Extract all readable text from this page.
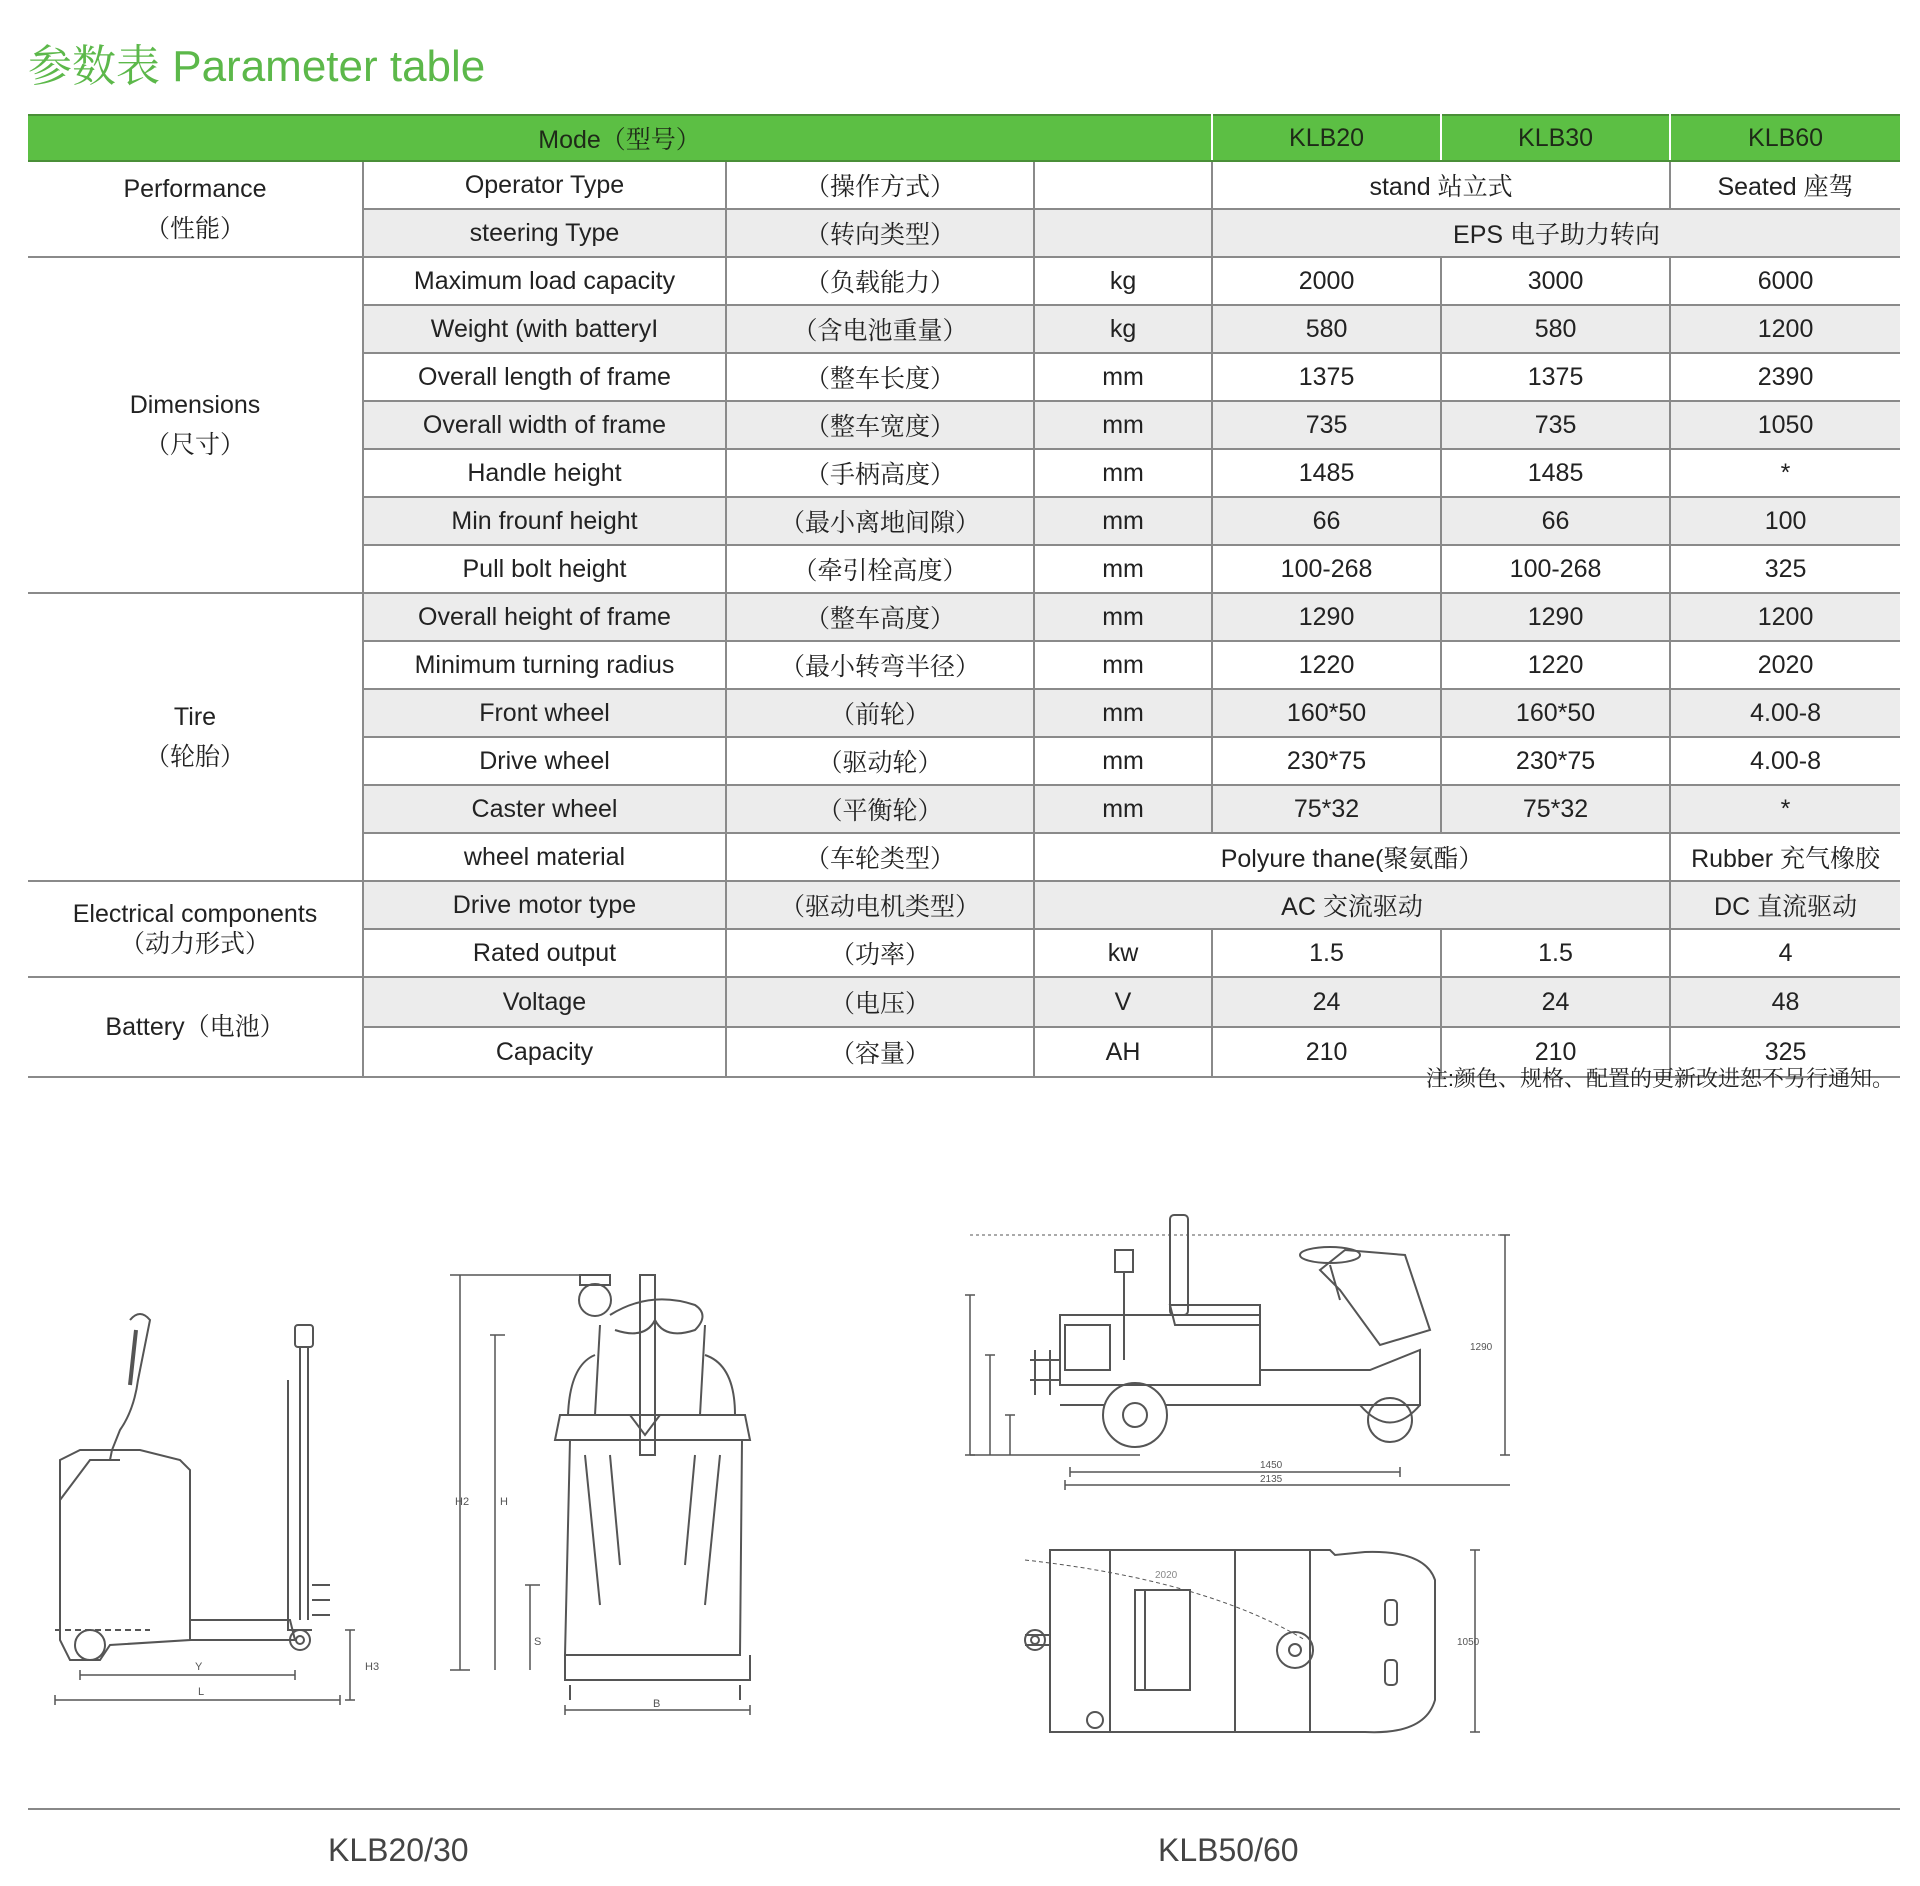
参数表 Parameter table
Mode（型号）				KLB20	KLB30	KLB60

Performance
（性能）	Operator Type	（操作方式）		stand 站立式		Seated 座驾
	steering Type	（转向类型）		EPS 电子助力转向		

Dimensions
（尺寸）	Maximum load capacity	（负载能力）	kg	2000	3000	6000
	Weight (with batteryI	（含电池重量）	kg	580	580	1200
	Overall length of frame	（整车长度）	mm	1375	1375	2390
	Overall width of frame	（整车宽度）	mm	735	735	1050
	Handle height	（手柄高度）	mm	1485	1485	*
	Min frounf height	（最小离地间隙）	mm	66	66	100
	Pull bolt height	（牵引栓高度）	mm	100-268	100-268	325

Tire
（轮胎）	Overall height of frame	（整车高度）	mm	1290	1290	1200
	Minimum turning radius	（最小转弯半径）	mm	1220	1220	2020
	Front wheel	（前轮）	mm	160*50	160*50	4.00-8
	Drive wheel	（驱动轮）	mm	230*75	230*75	4.00-8
	Caster wheel	（平衡轮）	mm	75*32	75*32	*
	wheel material	（车轮类型）	Polyure thane(聚氨酯）			Rubber 充气橡胶

Electrical components
（动力形式）	Drive motor type	（驱动电机类型）	AC 交流驱动			DC 直流驱动
	Rated output	（功率）	kw	1.5	1.5	4

Battery（电池）	Voltage	（电压）	V	24	24	48
	Capacity	（容量）	AH	210	210	325
注:颜色、规格、配置的更新改进恕不另行通知。
Y
L
H3
H2	H
S
B
1450
2135
1290
2020
1050
KLB20/30	KLB50/60
